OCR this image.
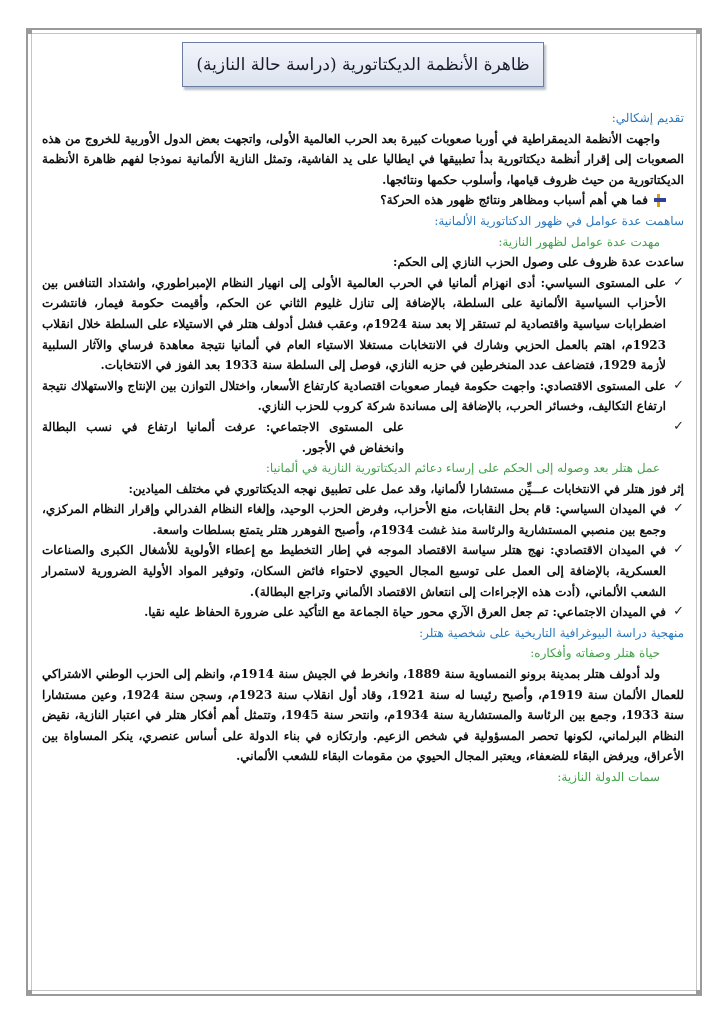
ظاهرة الأنظمة الديكتاتورية (دراسة حالة النازية)
تقديم إشكالي:

واجهت الأنظمة الديمقراطية في أوربا صعوبات كبيرة بعد الحرب العالمية الأولى، واتجهت بعض الدول الأوربية للخروج من هذه الصعوبات إلى إقرار أنظمة ديكتاتورية بدأ تطبيقها في ايطاليا على يد الفاشية، وتمثل النازية الألمانية نموذجا لفهم ظاهرة الأنظمة الديكتاتورية من حيث ظروف قيامها، وأسلوب حكمها ونتائجها.

فما هي أهم أسباب ومظاهر ونتائج ظهور هذه الحركة؟
ساهمت عدة عوامل في ظهور الدكتاتورية الألمانية:
مهدت عدة عوامل لظهور النازية:

ساعدت عدة ظروف على وصول الحزب النازي إلى الحكم:

✓ على المستوى السياسي: أدى انهزام ألمانيا في الحرب العالمية الأولى إلى انهيار النظام الإمبراطوري، واشتداد التنافس بين الأحزاب السياسية الألمانية على السلطة، بالإضافة إلى تنازل غليوم الثاني عن الحكم، وأقيمت حكومة فيمار، فانتشرت اضطرابات سياسية واقتصادية لم تستقر إلا بعد سنة 1924م، وعقب فشل أدولف هتلر في الاستيلاء على السلطة خلال انقلاب 1923م، اهتم بالعمل الحزبي وشارك في الانتخابات مستغلا الاستياء العام في ألمانيا نتيجة معاهدة فرساي والآثار السلبية لأزمة 1929، فتضاعف عدد المنخرطين في حزبه النازي، فوصل إلى السلطة سنة 1933 بعد الفوز في الانتخابات.

✓ على المستوى الاقتصادي: واجهت حكومة فيمار صعوبات اقتصادية كارتفاع الأسعار، واختلال التوازن بين الإنتاج والاستهلاك نتيجة ارتفاع التكاليف، وخسائر الحرب، بالإضافة إلى مساندة شركة كروب للحزب النازي.

✓ على المستوى الاجتماعي: عرفت ألمانيا ارتفاع في نسب البطالة وانخفاض في الأجور.

عمل هتلر بعد وصوله إلى الحكم على إرساء دعائم الديكتاتورية النازية في ألمانيا:

إثر فوز هتلر في الانتخابات عـــيِّن مستشارا لألمانيا، وقد عمل على تطبيق نهجه الديكتاتوري في مختلف الميادين:

✓ في الميدان السياسي: قام بحل النقابات، منع الأحزاب، وفرض الحزب الوحيد، وإلغاء النظام الفدرالي وإقرار النظام المركزي، وجمع بين منصبي المستشارية والرئاسة منذ غشت 1934م، وأصبح الفوهرر هتلر يتمتع بسلطات واسعة.

✓ في الميدان الاقتصادي: نهج هتلر سياسة الاقتصاد الموجه في إطار التخطيط مع إعطاء الأولوية للأشغال الكبرى والصناعات العسكرية، بالإضافة إلى العمل على توسيع المجال الحيوي لاحتواء فائض السكان، وتوفير المواد الأولية الضرورية لاستمرار الشعب الألماني، (أدت هذه الإجراءات إلى انتعاش الاقتصاد الألماني وتراجع البطالة).

✓ في الميدان الاجتماعي: تم جعل العرق الآري محور حياة الجماعة مع التأكيد على ضرورة الحفاظ عليه نقيا.

منهجية دراسة البيوغرافية التاريخية على شخصية هتلر:
حياة هتلر وصفاته وأفكاره:

ولد أدولف هتلر بمدينة برونو النمساوية سنة 1889، وانخرط في الجيش سنة 1914م، وانظم إلى الحزب الوطني الاشتراكي للعمال الألمان سنة 1919م، وأصبح رئيسا له سنة 1921، وقاد أول انقلاب سنة 1923م، وسجن سنة 1924، وعين مستشارا سنة 1933، وجمع بين الرئاسة والمستشارية سنة 1934م، وانتحر سنة 1945، وتتمثل أهم أفكار هتلر في اعتبار النازية، نقيض النظام البرلماني، لكونها تحصر المسؤولية في شخص الزعيم. وارتكازه في بناء الدولة على أساس عنصري، ينكر المساواة بين الأعراق، ويرفض البقاء للضعفاء، ويعتبر المجال الحيوي من مقومات البقاء للشعب الألماني.

سمات الدولة النازية:
